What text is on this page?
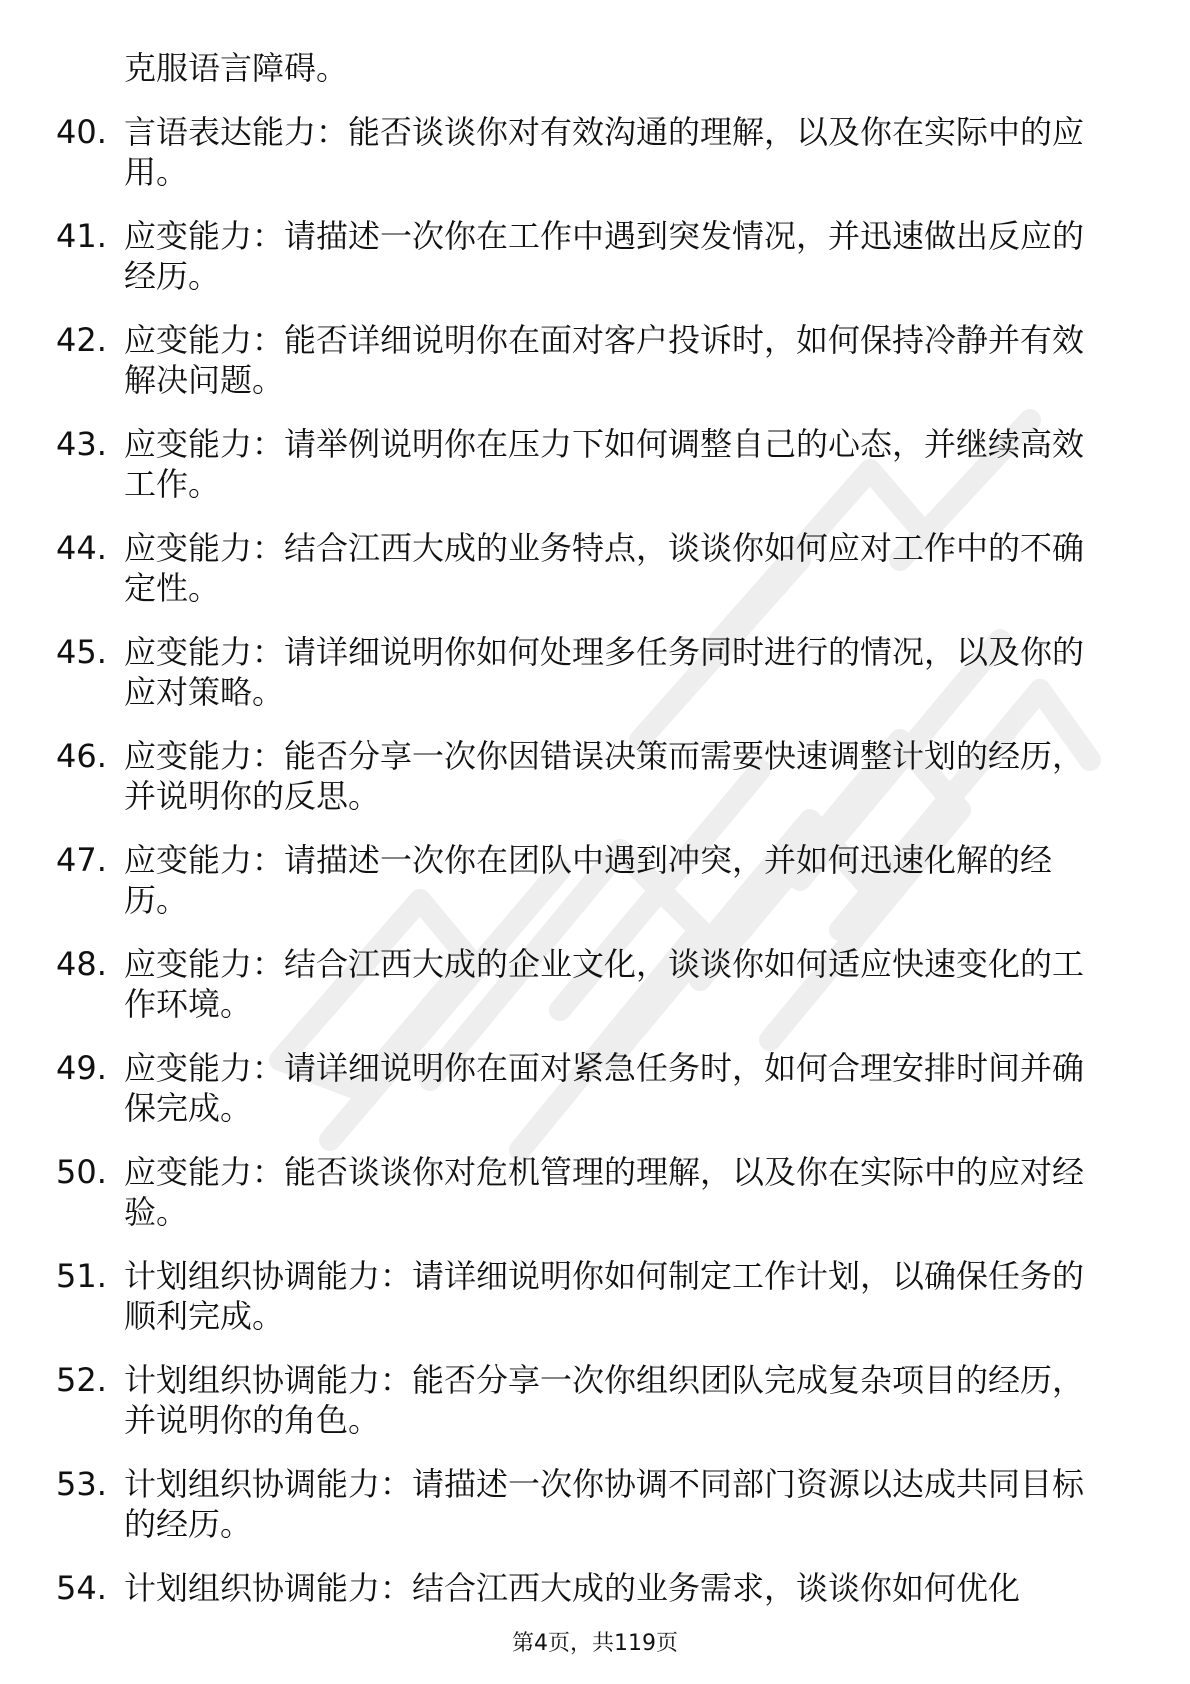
克服语言障碍。
40. 言语表达能力：能否谈谈你对有效沟通的理解，以及你在实际中的应用。
41. 应变能力：请描述一次你在工作中遇到突发情况，并迅速做出反应的经历。
42. 应变能力：能否详细说明你在面对客户投诉时，如何保持冷静并有效解决问题。
43. 应变能力：请举例说明你在压力下如何调整自己的心态，并继续高效工作。
44. 应变能力：结合江西大成的业务特点，谈谈你如何应对工作中的不确定性。
45. 应变能力：请详细说明你如何处理多任务同时进行的情况，以及你的应对策略。
46. 应变能力：能否分享一次你因错误决策而需要快速调整计划的经历，并说明你的反思。
47. 应变能力：请描述一次你在团队中遇到冲突，并如何迅速化解的经历。
48. 应变能力：结合江西大成的企业文化，谈谈你如何适应快速变化的工作环境。
49. 应变能力：请详细说明你在面对紧急任务时，如何合理安排时间并确保完成。
50. 应变能力：能否谈谈你对危机管理的理解，以及你在实际中的应对经验。
51. 计划组织协调能力：请详细说明你如何制定工作计划，以确保任务的顺利完成。
52. 计划组织协调能力：能否分享一次你组织团队完成复杂项目的经历，并说明你的角色。
53. 计划组织协调能力：请描述一次你协调不同部门资源以达成共同目标的经历。
54. 计划组织协调能力：结合江西大成的业务需求，谈谈你如何优化
第4页，共119页
